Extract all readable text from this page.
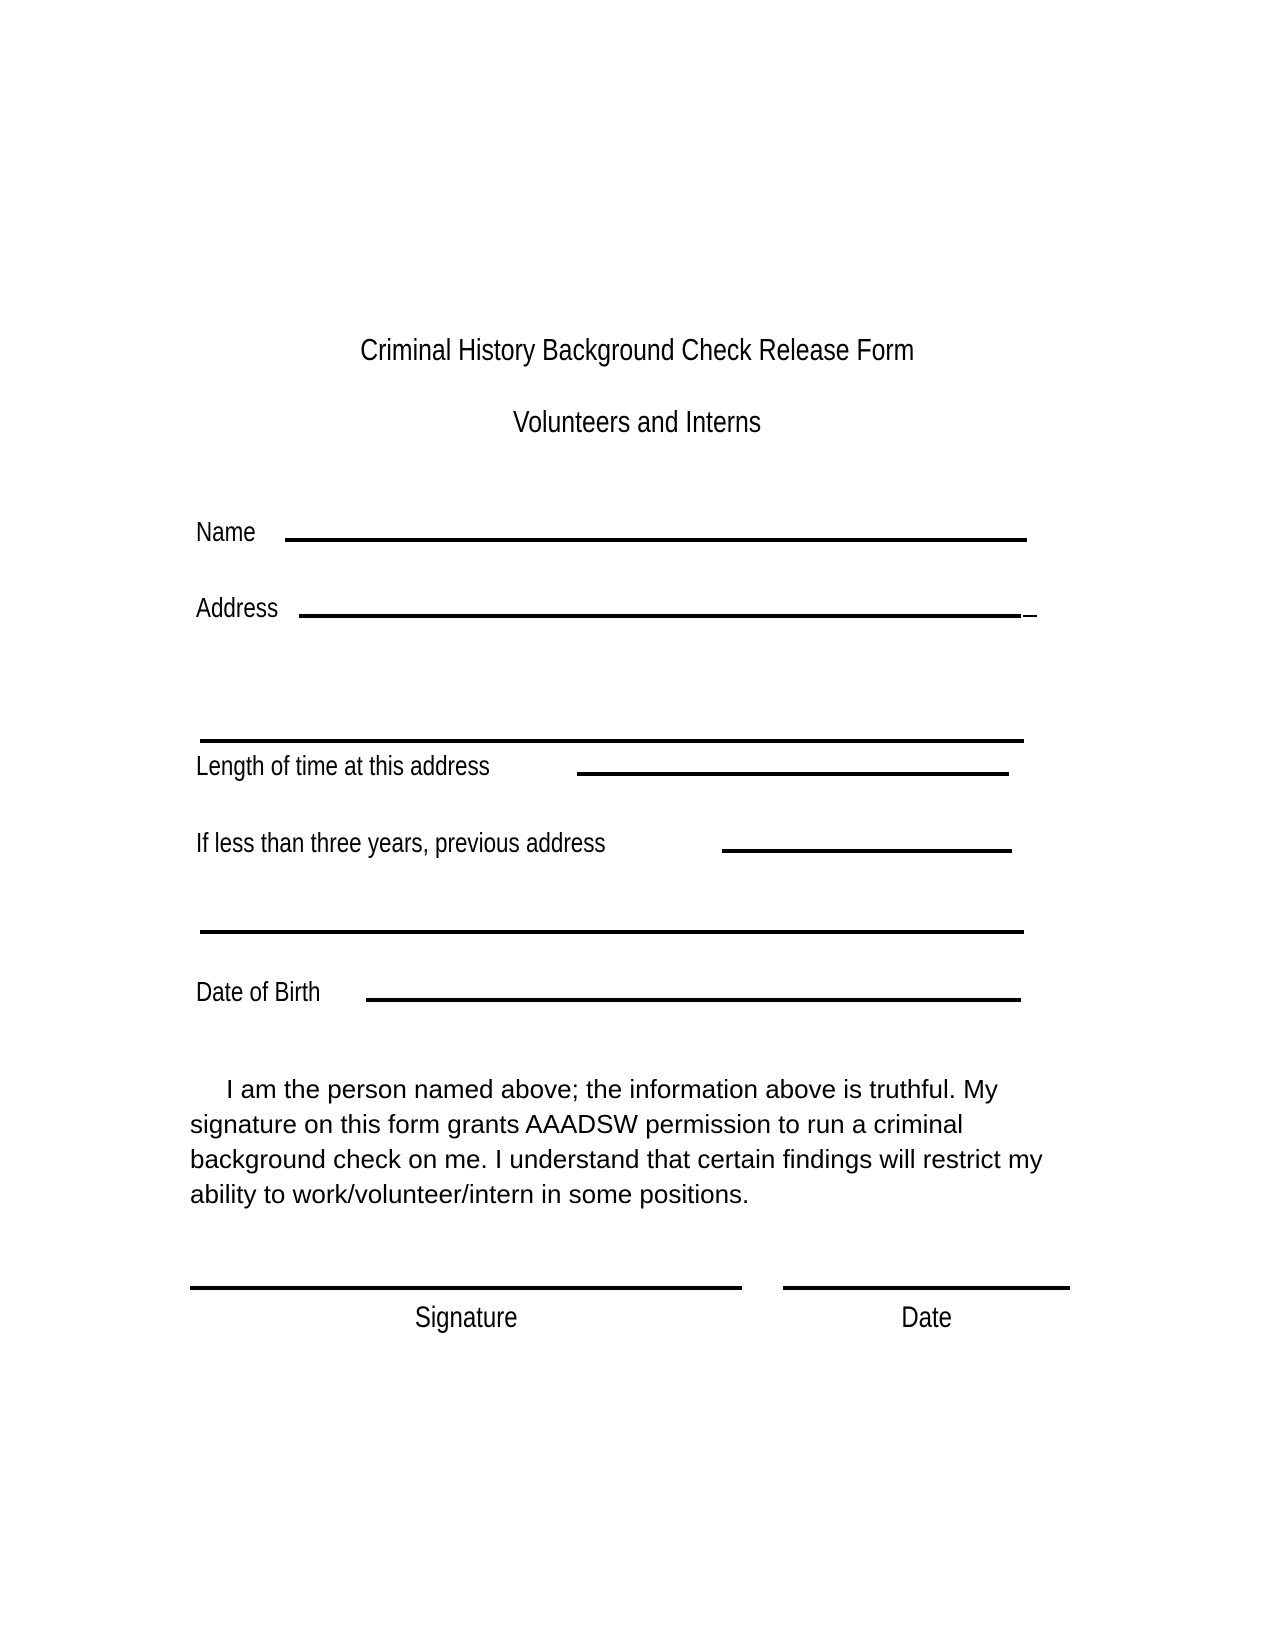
Criminal History Background Check Release Form
Volunteers and Interns
Name
Address
Length of time at this address
If less than three years, previous address
Date of Birth
I am the person named above; the information above is truthful. My signature on this form grants AAADSW permission to run a criminal background check on me. I understand that certain findings will restrict my ability to work/volunteer/intern in some positions.
Signature	Date
